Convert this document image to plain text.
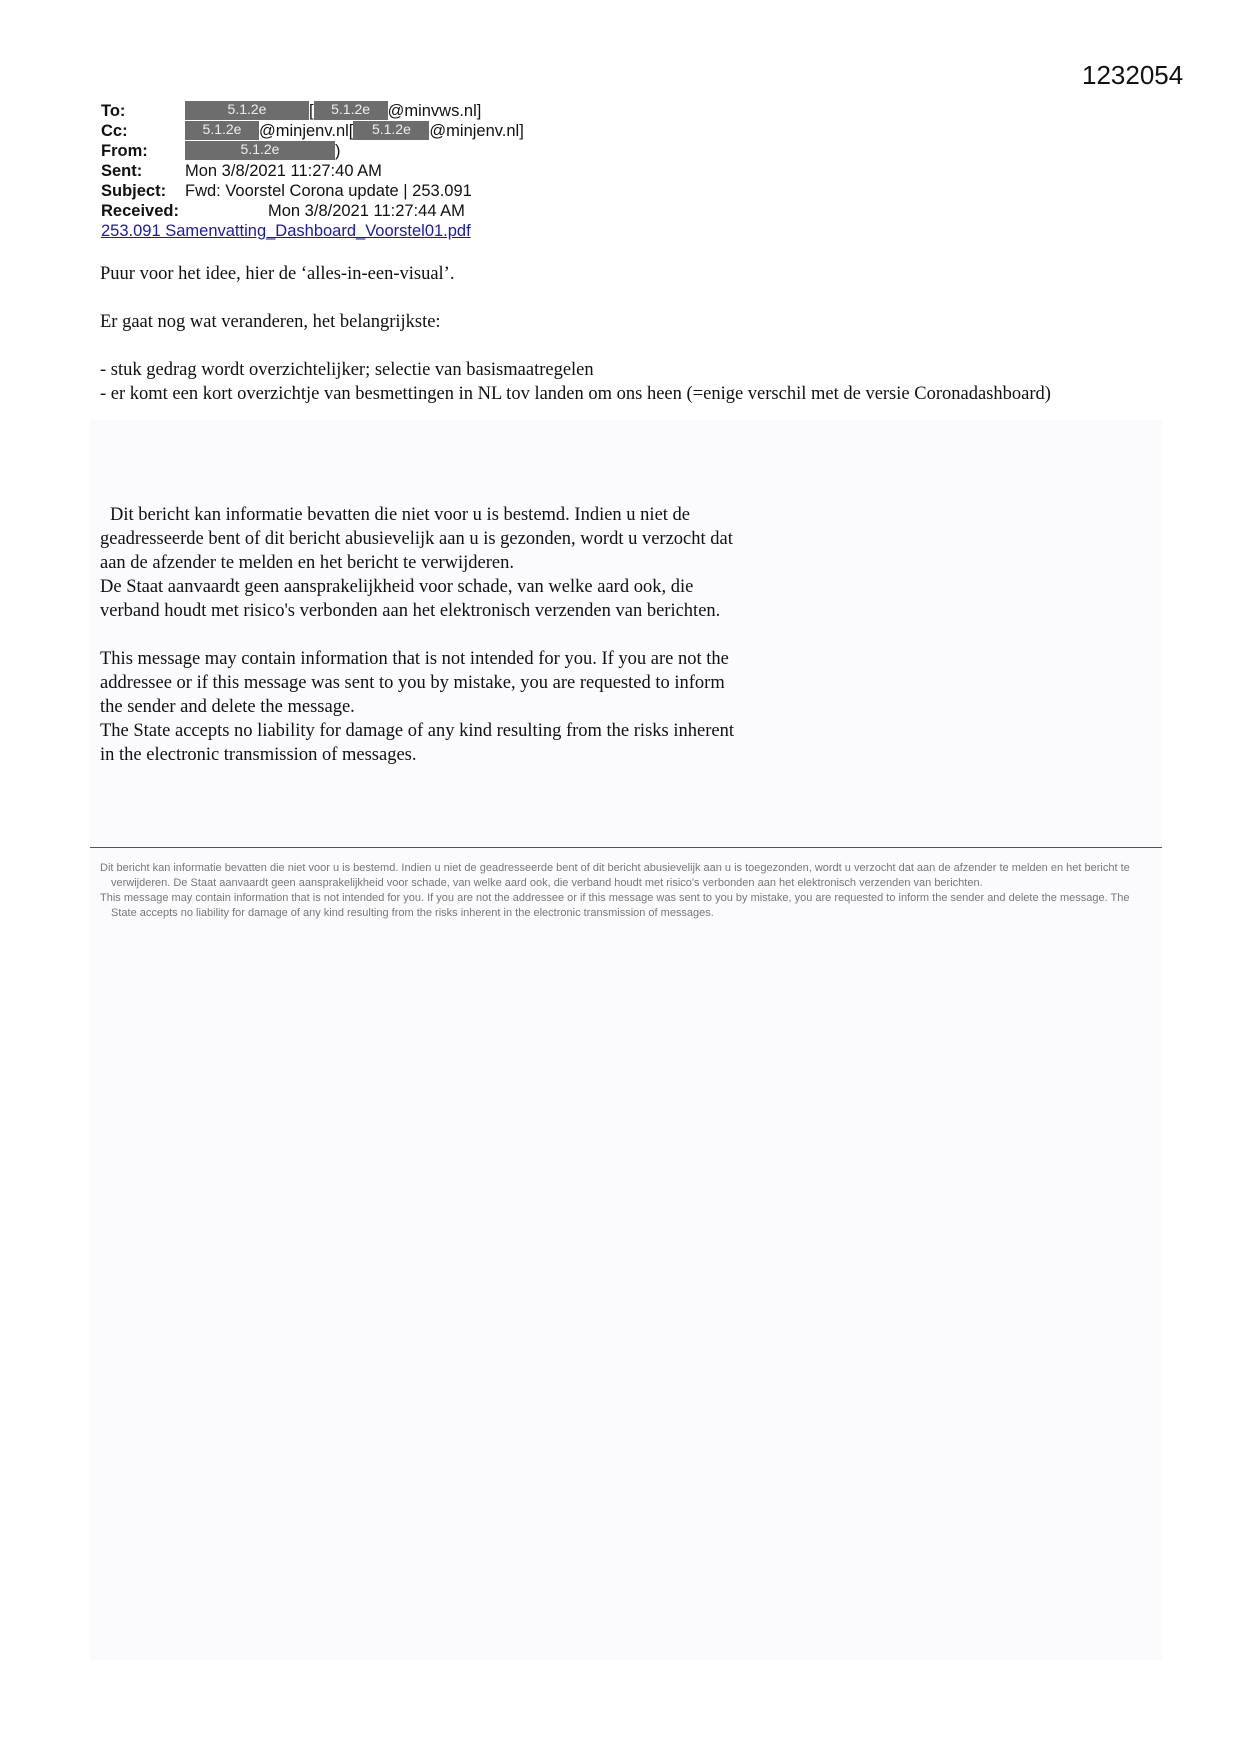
1232054
To:	5.1.2e	[ 5.1.2e @minvws.nl]
Cc:	5.1.2e @minjenv.nl[ 5.1.2e @minjenv.nl]
From:	5.1.2e	)
Sent:	Mon 3/8/2021 11:27:40 AM
Subject: Fwd: Voorstel Corona update | 253.091
Received:	Mon 3/8/2021 11:27:44 AM
253.091 Samenvatting_Dashboard_Voorstel01.pdf

Puur voor het idee, hier de ‘alles-in-een-visual’.

Er gaat nog wat veranderen, het belangrijkste:

- stuk gedrag wordt overzichtelijker; selectie van basismaatregelen
- er komt een kort overzichtje van besmettingen in NL tov landen om ons heen (=enige verschil met de versie Coronadashboard)
Dit bericht kan informatie bevatten die niet voor u is bestemd. Indien u niet de geadresseerde bent of dit bericht abusievelijk aan u is gezonden, wordt u verzocht dat aan de afzender te melden en het bericht te verwijderen.

De Staat aanvaardt geen aansprakelijkheid voor schade, van welke aard ook, die verband houdt met risico's verbonden aan het elektronisch verzenden van berichten.

This message may contain information that is not intended for you. If you are not the addressee or if this message was sent to you by mistake, you are requested to inform the sender and delete the message.
The State accepts no liability for damage of any kind resulting from the risks inherent in the electronic transmission of messages.

Dit bericht kan informatie bevatten die niet voor u is bestemd. Indien u niet de geadresseerde bent of dit bericht abusievelijk aan u is toegezonden, wordt u verzocht dat aan de afzender te melden en het bericht te verwijderen. De Staat aanvaardt geen aansprakelijkheid voor schade, van welke aard ook, die verband houdt met risico's verbonden aan het elektronisch verzenden van berichten.

This message may contain information that is not intended for you. If you are not the addressee or if this message was sent to you by mistake, you are requested to inform the sender and delete the message. The State accepts no liability for damage of any kind resulting from the risks inherent in the electronic transmission of messages.
